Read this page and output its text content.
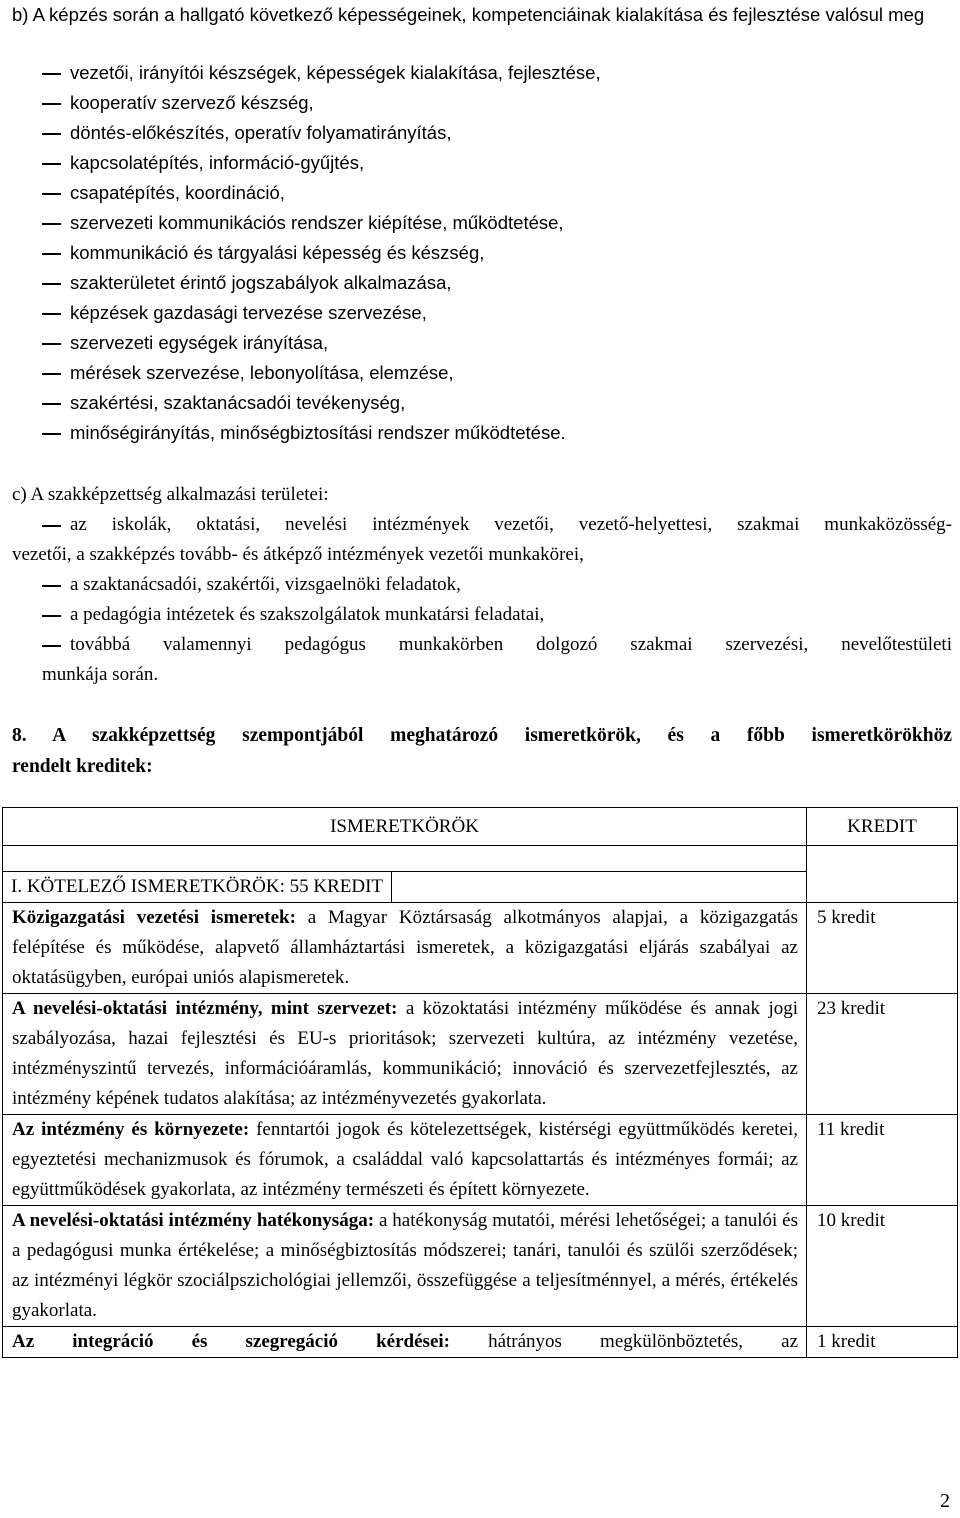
b) A képzés során a hallgató következő képességeinek, kompetenciáinak kialakítása és fejlesztése valósul meg
vezetői, irányítói készségek, képességek kialakítása, fejlesztése,
kooperatív szervező készség,
döntés-előkészítés, operatív folyamatirányítás,
kapcsolatépítés, információ-gyűjtés,
csapatépítés, koordináció,
szervezeti kommunikációs rendszer kiépítése, működtetése,
kommunikáció és tárgyalási képesség és készség,
szakterületet érintő jogszabályok alkalmazása,
képzések gazdasági tervezése szervezése,
szervezeti egységek irányítása,
mérések szervezése, lebonyolítása, elemzése,
szakértési, szaktanácsadói tevékenység,
minőségirányítás, minőségbiztosítási rendszer működtetése.
c) A szakképzettség alkalmazási területei:
az iskolák, oktatási, nevelési intézmények vezetői, vezető-helyettesi, szakmai munkaközösség-
vezetői, a szakképzés tovább- és átképző intézmények vezetői munkakörei,
a szaktanácsadói, szakértői, vizsgaelnöki feladatok,
a pedagógia intézetek és szakszolgálatok munkatársi feladatai,
továbbá valamennyi pedagógus munkakörben dolgozó szakmai szervezési, nevelőtestületi
munkája során.
8. A szakképzettség szempontjából meghatározó ismeretkörök, és a főbb ismeretkörökhöz
rendelt kreditek:
ISMERETKÖRÖK	KREDIT

I. KÖTELEZŐ ISMERETKÖRÖK: 55 KREDIT	
Közigazgatási vezetési ismeretek: a Magyar Köztársaság alkotmányos alapjai, a közigazgatás felépítése és működése, alapvető államháztartási ismeretek, a közigazgatási eljárás szabályai az oktatásügyben, európai uniós alapismeretek.	5 kredit
A nevelési-oktatási intézmény, mint szervezet: a közoktatási intézmény működése és annak jogi szabályozása, hazai fejlesztési és EU-s prioritások; szervezeti kultúra, az intézmény vezetése, intézményszintű tervezés, információáramlás, kommunikáció; innováció és szervezetfejlesztés, az intézmény képének tudatos alakítása; az intézményvezetés gyakorlata.	23 kredit
Az intézmény és környezete: fenntartói jogok és kötelezettségek, kistérségi együttműködés keretei, egyeztetési mechanizmusok és fórumok, a családdal való kapcsolattartás és intézményes formái; az együttműködések gyakorlata, az intézmény természeti és épített környezete.	11 kredit
A nevelési-oktatási intézmény hatékonysága: a hatékonyság mutatói, mérési lehetőségei; a tanulói és a pedagógusi munka értékelése; a minőségbiztosítás módszerei; tanári, tanulói és szülői szerződések; az intézményi légkör szociálpszichológiai jellemzői, összefüggése a teljesítménnyel, a mérés, értékelés gyakorlata.	10 kredit
Az integráció és szegregáció kérdései: hátrányos megkülönböztetés, az	1 kredit
2
